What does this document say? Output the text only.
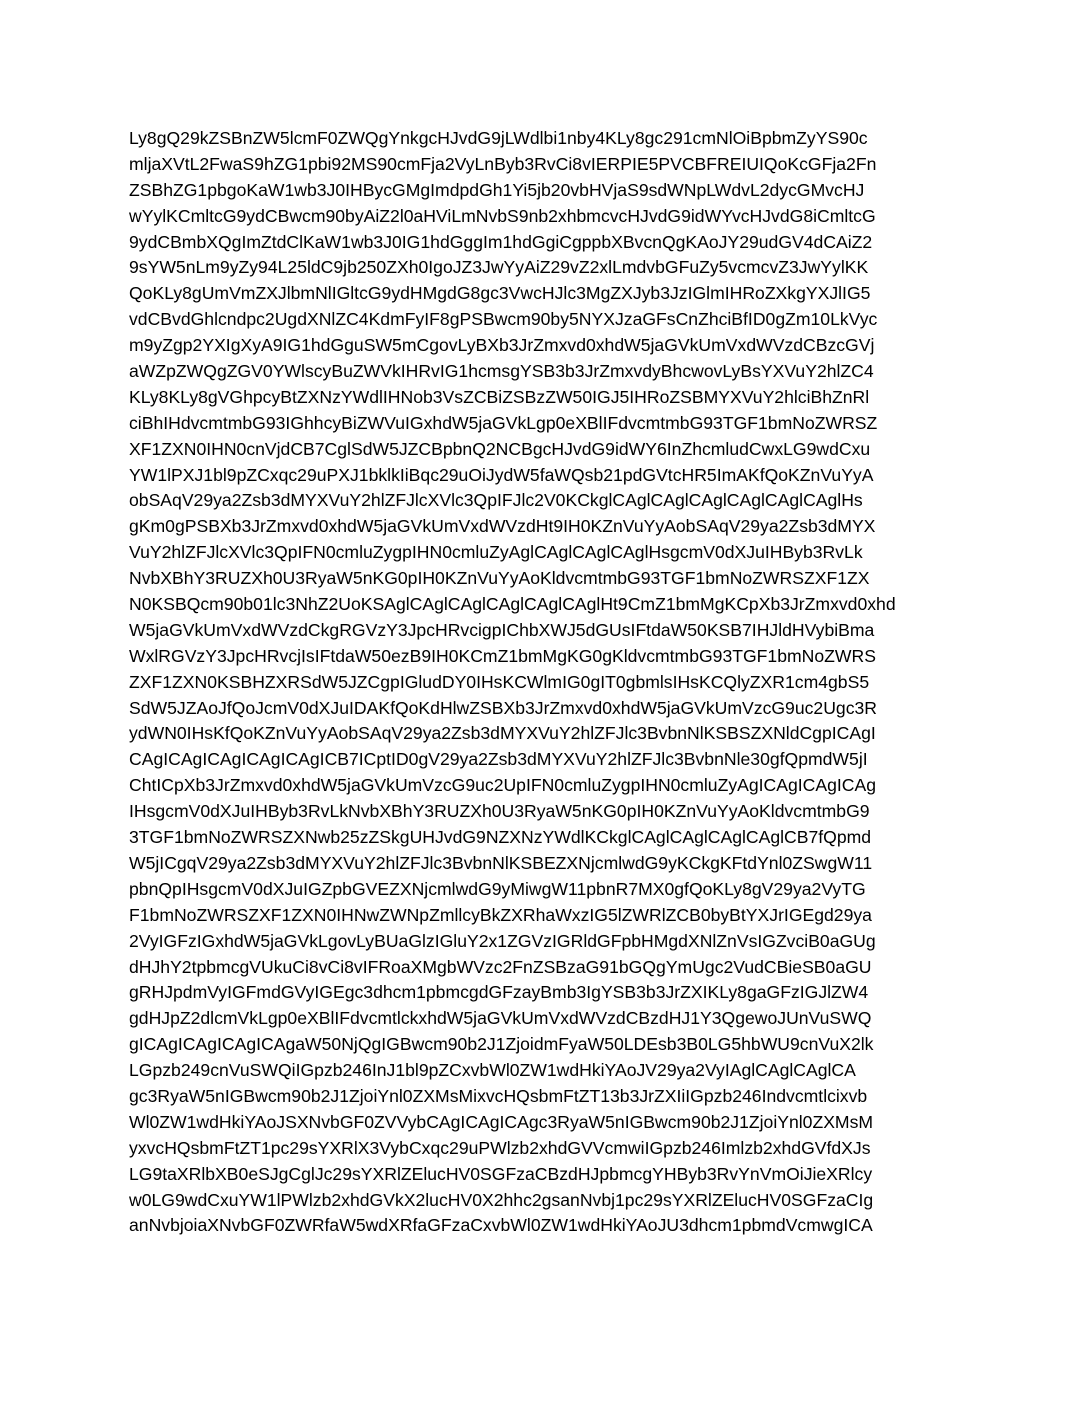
Ly8gQ29kZSBnZW5lcmF0ZWQgYnkgcHJvdG9jLWdlbi1nby4KLy8gc291cmNlOiBpbmZyYS90c
mljaXVtL2FwaS9hZG1pbi92MS90cmFja2VyLnByb3RvCi8vIERPIE5PVCBFREIUIQoKcGFja2Fn
ZSBhZG1pbgoKaW1wb3J0IHBycGMgImdpdGh1Yi5jb20vbHVjaS9sdWNpLWdvL2dycGMvcHJ
wYylKCmltcG9ydCBwcm90byAiZ2l0aHViLmNvbS9nb2xhbmcvcHJvdG9idWYvcHJvdG8iCmltcG
9ydCBmbXQgImZtdClKaW1wb3J0IG1hdGggIm1hdGgiCgppbXBvcnQgKAoJY29udGV4dCAiZ2
9sYW5nLm9yZy94L25ldC9jb250ZXh0IgoJZ3JwYyAiZ29vZ2xlLmdvbGFuZy5vcmcvZ3JwYylKK
QoKLy8gUmVmZXJlbmNlIGltcG9ydHMgdG8gc3VwcHJlc3MgZXJyb3JzIGlmIHRoZXkgYXJlIG5
vdCBvdGhlcndpc2UgdXNlZC4KdmFyIF8gPSBwcm90by5NYXJzaGFsCnZhciBfID0gZm10LkVyc
m9yZgp2YXIgXyA9IG1hdGguSW5mCgovLyBXb3JrZmxvd0xhdW5jaGVkUmVxdWVzdCBzcGVj
aWZpZWQgZGV0YWlscyBuZWVkIHRvIG1hcmsgYSB3b3JrZmxvdyBhcwovLyBsYXVuY2hlZC4
KLy8KLy8gVGhpcyBtZXNzYWdlIHNob3VsZCBiZSBzZW50IGJ5IHRoZSBMYXVuY2hlciBhZnRl
ciBhIHdvcmtmbG93IGhhcyBiZWVuIGxhdW5jaGVkLgp0eXBlIFdvcmtmbG93TGF1bmNoZWRSZ
XF1ZXN0IHN0cnVjdCB7CglSdW5JZCBpbnQ2NCBgcHJvdG9idWY6InZhcmludCwxLG9wdCxu
YW1lPXJ1bl9pZCxqc29uPXJ1bklkIiBqc29uOiJydW5faWQsb21pdGVtcHR5ImAKfQoKZnVuYyA
obSAqV29ya2Zsb3dMYXVuY2hlZFJlcXVlc3QpIFJlc2V0KCkglCAglCAglCAglCAglCAglCAglHs
gKm0gPSBXb3JrZmxvd0xhdW5jaGVkUmVxdWVzdHt9IH0KZnVuYyAobSAqV29ya2Zsb3dMYX
VuY2hlZFJlcXVlc3QpIFN0cmluZygpIHN0cmluZyAglCAglCAglCAglHsgcmV0dXJuIHByb3RvLk
NvbXBhY3RUZXh0U3RyaW5nKG0pIH0KZnVuYyAoKldvcmtmbG93TGF1bmNoZWRSZXF1ZX
N0KSBQcm90b01lc3NhZ2UoKSAglCAglCAglCAglCAglCAglHt9CmZ1bmMgKCpXb3JrZmxvd0xhd
W5jaGVkUmVxdWVzdCkgRGVzY3JpcHRvcigpIChbXWJ5dGUsIFtdaW50KSB7IHJldHVybiBma
WxlRGVzY3JpcHRvcjIsIFtdaW50ezB9IH0KCmZ1bmMgKG0gKldvcmtmbG93TGF1bmNoZWRS
ZXF1ZXN0KSBHZXRSdW5JZCgpIGludDY0IHsKCWlmIG0gIT0gbmlsIHsKCQlyZXR1cm4gbS5
SdW5JZAoJfQoJcmV0dXJuIDAKfQoKdHlwZSBXb3JrZmxvd0xhdW5jaGVkUmVzcG9uc2Ugc3R
ydWN0IHsKfQoKZnVuYyAobSAqV29ya2Zsb3dMYXVuY2hlZFJlc3BvbnNlKSBSZXNldCgpICAgI
CAgICAgICAgICAgICAgICB7ICptID0gV29ya2Zsb3dMYXVuY2hlZFJlc3BvbnNle30gfQpmdW5jI
ChtICpXb3JrZmxvd0xhdW5jaGVkUmVzcG9uc2UpIFN0cmluZygpIHN0cmluZyAgICAgICAgICAg
IHsgcmV0dXJuIHByb3RvLkNvbXBhY3RUZXh0U3RyaW5nKG0pIH0KZnVuYyAoKldvcmtmbG9
3TGF1bmNoZWRSZXNwb25zZSkgUHJvdG9NZXNzYWdlKCkglCAglCAglCAglCAglCB7fQpmd
W5jICgqV29ya2Zsb3dMYXVuY2hlZFJlc3BvbnNlKSBEZXNjcmlwdG9yKCkgKFtdYnl0ZSwgW11
pbnQpIHsgcmV0dXJuIGZpbGVEZXNjcmlwdG9yMiwgW11pbnR7MX0gfQoKLy8gV29ya2VyTG
F1bmNoZWRSZXF1ZXN0IHNwZWNpZmllcyBkZXRhaWxzIG5lZWRlZCB0byBtYXJrIGEgd29ya
2VyIGFzIGxhdW5jaGVkLgovLyBUaGlzIGluY2x1ZGVzIGRldGFpbHMgdXNlZnVsIGZvciB0aGUg
dHJhY2tpbmcgVUkuCi8vCi8vIFRoaXMgbWVzc2FnZSBzaG91bGQgYmUgc2VudCBieSB0aGU
gRHJpdmVyIGFmdGVyIGEgc3dhcm1pbmcgdGFzayBmb3IgYSB3b3JrZXIKLy8gaGFzIGJlZW4
gdHJpZ2dlcmVkLgp0eXBlIFdvcmtlckxhdW5jaGVkUmVxdWVzdCBzdHJ1Y3QgewoJUnVuSWQ
gICAgICAgICAgICAgaW50NjQgIGBwcm90b2J1ZjoidmFyaW50LDEsb3B0LG5hbWU9cnVuX2lk
LGpzb249cnVuSWQiIGpzb246InJ1bl9pZCxvbWl0ZW1wdHkiYAoJV29ya2VyIAglCAglCAglCA
gc3RyaW5nIGBwcm90b2J1ZjoiYnl0ZXMsMixvcHQsbmFtZT13b3JrZXIiIGpzb246Indvcmtlcixvb
Wl0ZW1wdHkiYAoJSXNvbGF0ZVVybCAgICAgICAgc3RyaW5nIGBwcm90b2J1ZjoiYnl0ZXMsM
yxvcHQsbmFtZT1pc29sYXRlX3VybCxqc29uPWlzb2xhdGVVcmwiIGpzb246Imlzb2xhdGVfdXJs
LG9taXRlbXB0eSJgCglJc29sYXRlZElucHV0SGFzaCBzdHJpbmcgYHByb3RvYnVmOiJieXRlcy
w0LG9wdCxuYW1lPWlzb2xhdGVkX2lucHV0X2hhc2gsanNvbj1pc29sYXRlZElucHV0SGFzaCIg
anNvbjoiaXNvbGF0ZWRfaW5wdXRfaGFzaCxvbWl0ZW1wdHkiYAoJU3dhcm1pbmdVcmwgICA
